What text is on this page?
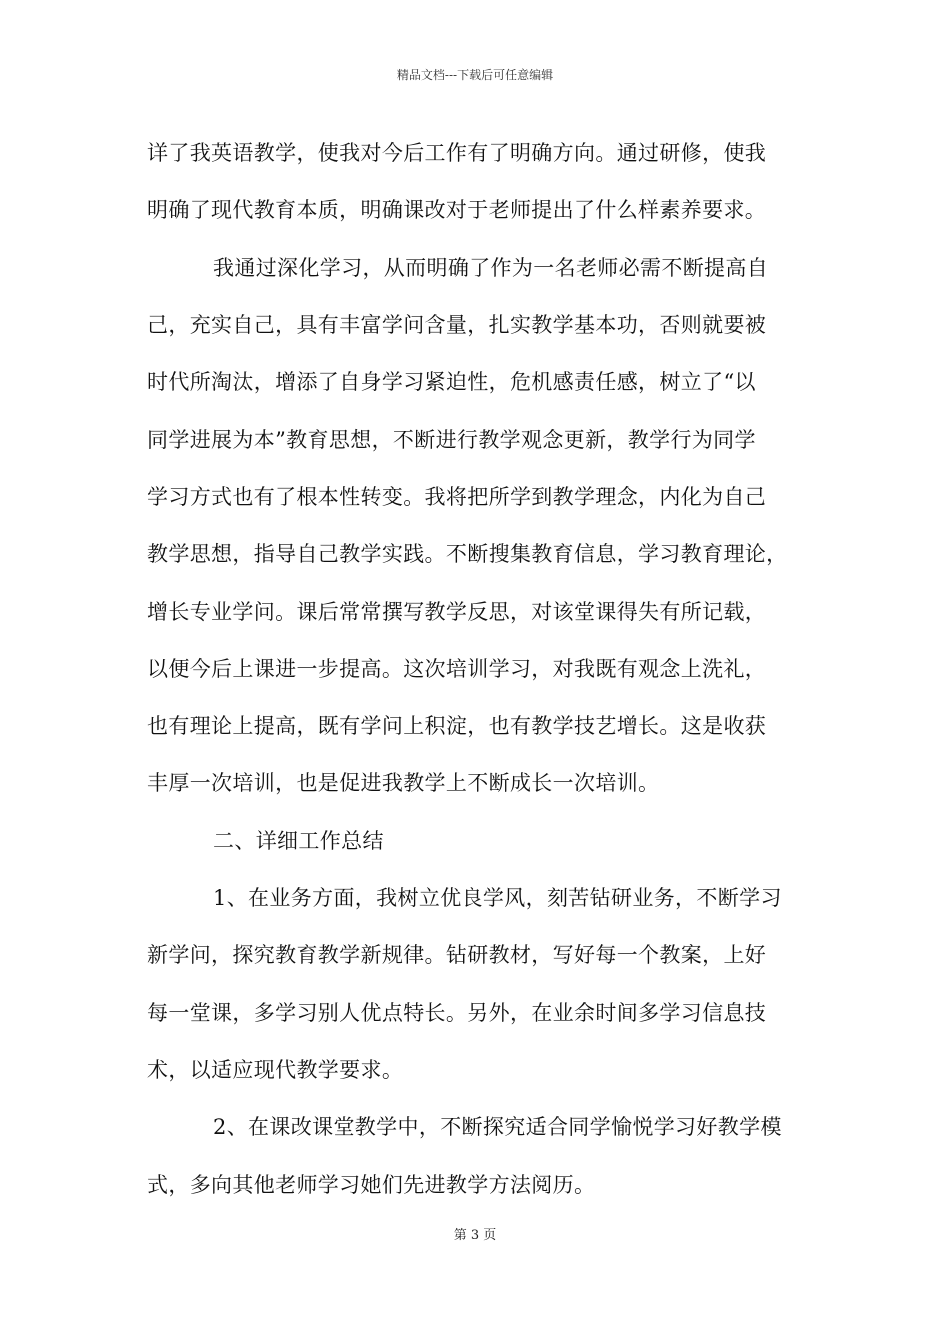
精品文档---下载后可任意编辑
详了我英语教学，使我对今后工作有了明确方向。通过研修，使我
明确了现代教育本质，明确课改对于老师提出了什么样素养要求。
我通过深化学习，从而明确了作为一名老师必需不断提高自
己，充实自己，具有丰富学问含量，扎实教学基本功，否则就要被
时代所淘汰，增添了自身学习紧迫性，危机感责任感，树立了“以
同学进展为本”教育思想，不断进行教学观念更新，教学行为同学
学习方式也有了根本性转变。我将把所学到教学理念，内化为自己
教学思想，指导自己教学实践。不断搜集教育信息，学习教育理论，
增长专业学问。课后常常撰写教学反思，对该堂课得失有所记载，
以便今后上课进一步提高。这次培训学习，对我既有观念上洗礼，
也有理论上提高，既有学问上积淀，也有教学技艺增长。这是收获
丰厚一次培训，也是促进我教学上不断成长一次培训。
二、详细工作总结
1、在业务方面，我树立优良学风，刻苦钻研业务，不断学习
新学问，探究教育教学新规律。钻研教材，写好每一个教案，上好
每一堂课，多学习别人优点特长。另外，在业余时间多学习信息技
术，以适应现代教学要求。
2、在课改课堂教学中，不断探究适合同学愉悦学习好教学模
式，多向其他老师学习她们先进教学方法阅历。
第 3 页
